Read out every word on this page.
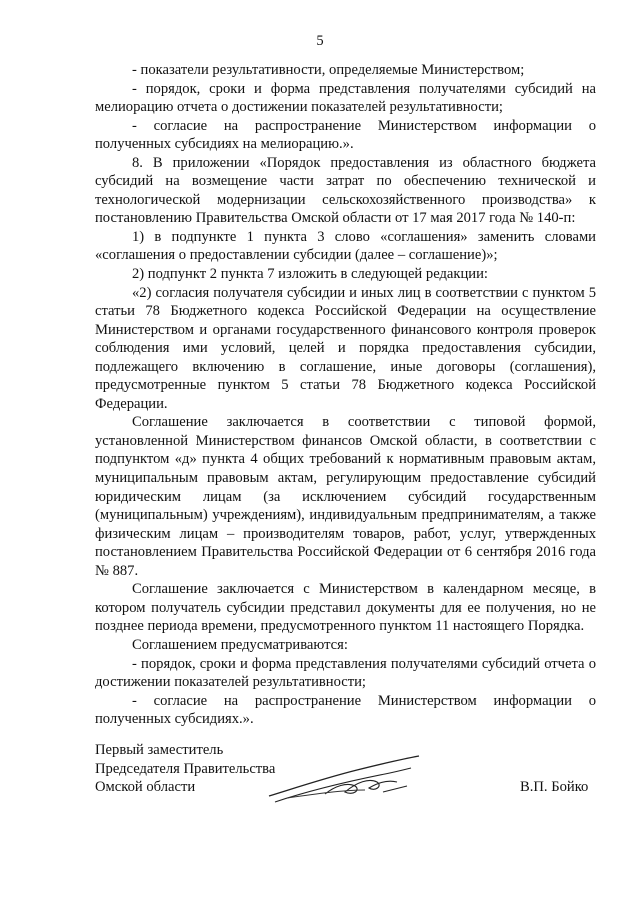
5

- показатели результативности, определяемые Министерством;

- порядок, сроки и форма представления получателями субсидий на мелиорацию отчета о достижении показателей результативности;

- согласие на распространение Министерством информации о полученных субсидиях на мелиорацию.».

8. В приложении «Порядок предоставления из областного бюджета субсидий на возмещение части затрат по обеспечению технической и технологической модернизации сельскохозяйственного производства» к постановлению Правительства Омской области от 17 мая 2017 года № 140-п:

1) в подпункте 1 пункта 3 слово «соглашения» заменить словами «соглашения о предоставлении субсидии (далее – соглашение)»;

2) подпункт 2 пункта 7 изложить в следующей редакции:

«2) согласия получателя субсидии и иных лиц в соответствии с пунктом 5 статьи 78 Бюджетного кодекса Российской Федерации на осуществление Министерством и органами государственного финансового контроля проверок соблюдения ими условий, целей и порядка предоставления субсидии, подлежащего включению в соглашение, иные договоры (соглашения), предусмотренные пунктом 5 статьи 78 Бюджетного кодекса Российской Федерации.

Соглашение заключается в соответствии с типовой формой, установленной Министерством финансов Омской области, в соответствии с подпунктом «д» пункта 4 общих требований к нормативным правовым актам, муниципальным правовым актам, регулирующим предоставление субсидий юридическим лицам (за исключением субсидий государственным (муниципальным) учреждениям), индивидуальным предпринимателям, а также физическим лицам – производителям товаров, работ, услуг, утвержденных постановлением Правительства Российской Федерации от 6 сентября 2016 года № 887.

Соглашение заключается с Министерством в календарном месяце, в котором получатель субсидии представил документы для ее получения, но не позднее периода времени, предусмотренного пунктом 11 настоящего Порядка.

Соглашением предусматриваются:

- порядок, сроки и форма представления получателями субсидий отчета о достижении показателей результативности;

- согласие на распространение Министерством информации о полученных субсидиях.».

Первый заместитель
Председателя Правительства
Омской области	В.П. Бойко
